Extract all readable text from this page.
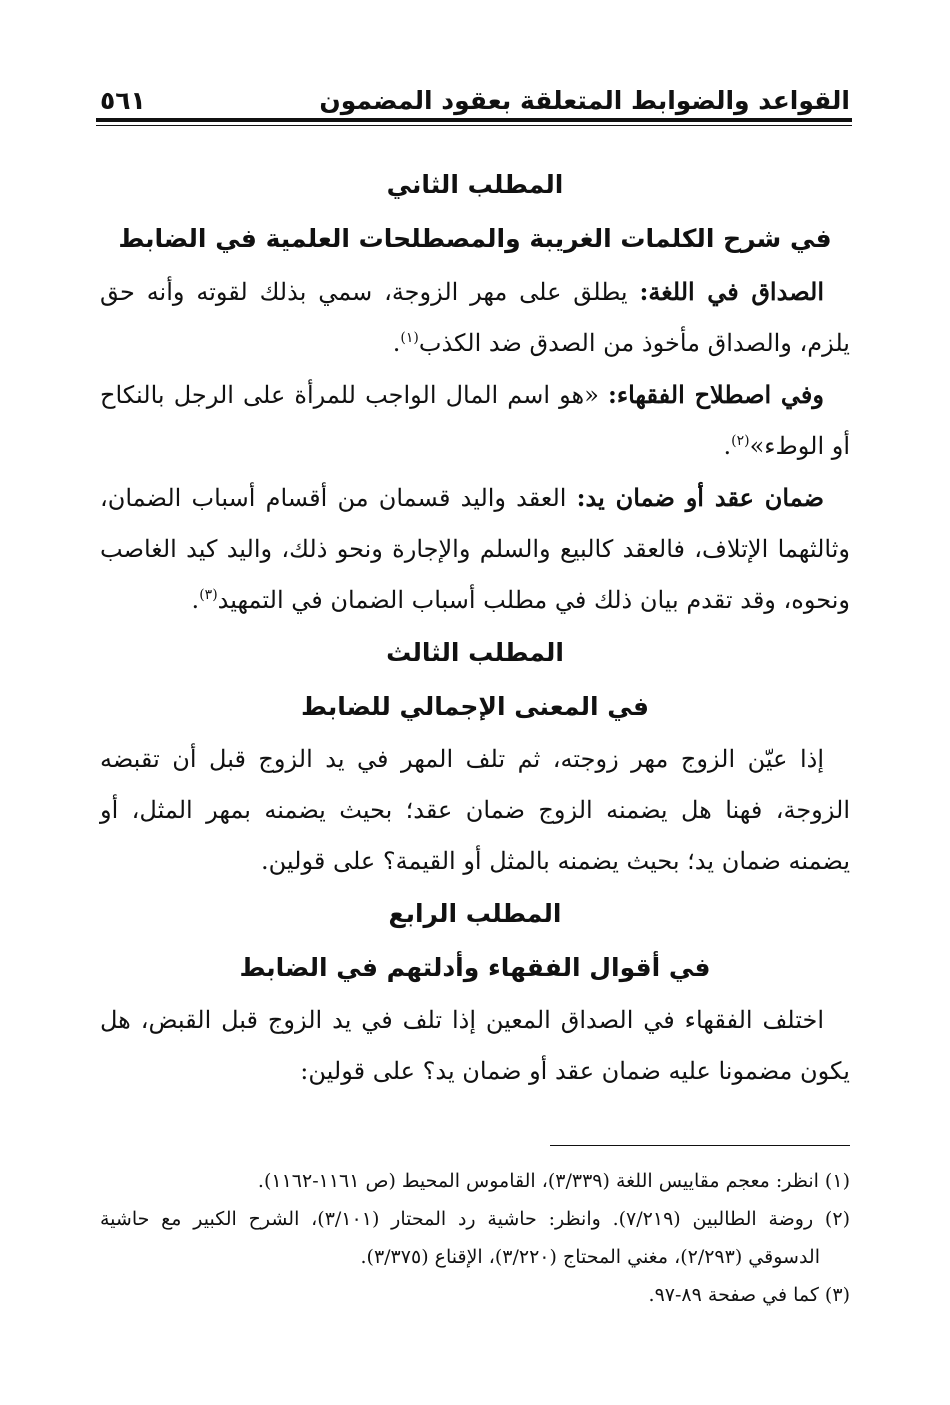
القواعد والضوابط المتعلقة بعقود المضمون
٥٦١
المطلب الثاني
في شرح الكلمات الغريبة والمصطلحات العلمية في الضابط

الصداق في اللغة: يطلق على مهر الزوجة، سمي بذلك لقوته وأنه حق يلزم، والصداق مأخوذ من الصدق ضد الكذب$^{(١)}$.

وفي اصطلاح الفقهاء: «هو اسم المال الواجب للمرأة على الرجل بالنكاح أو الوطء»$^{(٢)}$.

ضمان عقد أو ضمان يد: العقد واليد قسمان من أقسام أسباب الضمان، وثالثهما الإتلاف، فالعقد كالبيع والسلم والإجارة ونحو ذلك، واليد كيد الغاصب ونحوه، وقد تقدم بيان ذلك في مطلب أسباب الضمان في التمهيد$^{(٣)}$.

المطلب الثالث
في المعنى الإجمالي للضابط

إذا عيّن الزوج مهر زوجته، ثم تلف المهر في يد الزوج قبل أن تقبضه الزوجة، فهنا هل يضمنه الزوج ضمان عقد؛ بحيث يضمنه بمهر المثل، أو يضمنه ضمان يد؛ بحيث يضمنه بالمثل أو القيمة؟ على قولين.

المطلب الرابع
في أقوال الفقهاء وأدلتهم في الضابط

اختلف الفقهاء في الصداق المعين إذا تلف في يد الزوج قبل القبض، هل يكون مضمونا عليه ضمان عقد أو ضمان يد؟ على قولين:

(١) انظر: معجم مقاييس اللغة (٣/٣٣٩)، القاموس المحيط (ص ١١٦١-١١٦٢).

(٢) روضة الطالبين (٧/٢١٩). وانظر: حاشية رد المحتار (٣/١٠١)، الشرح الكبير مع حاشية الدسوقي (٢/٢٩٣)، مغني المحتاج (٣/٢٢٠)، الإقناع (٣/٣٧٥).

(٣) كما في صفحة ٨٩-٩٧.
